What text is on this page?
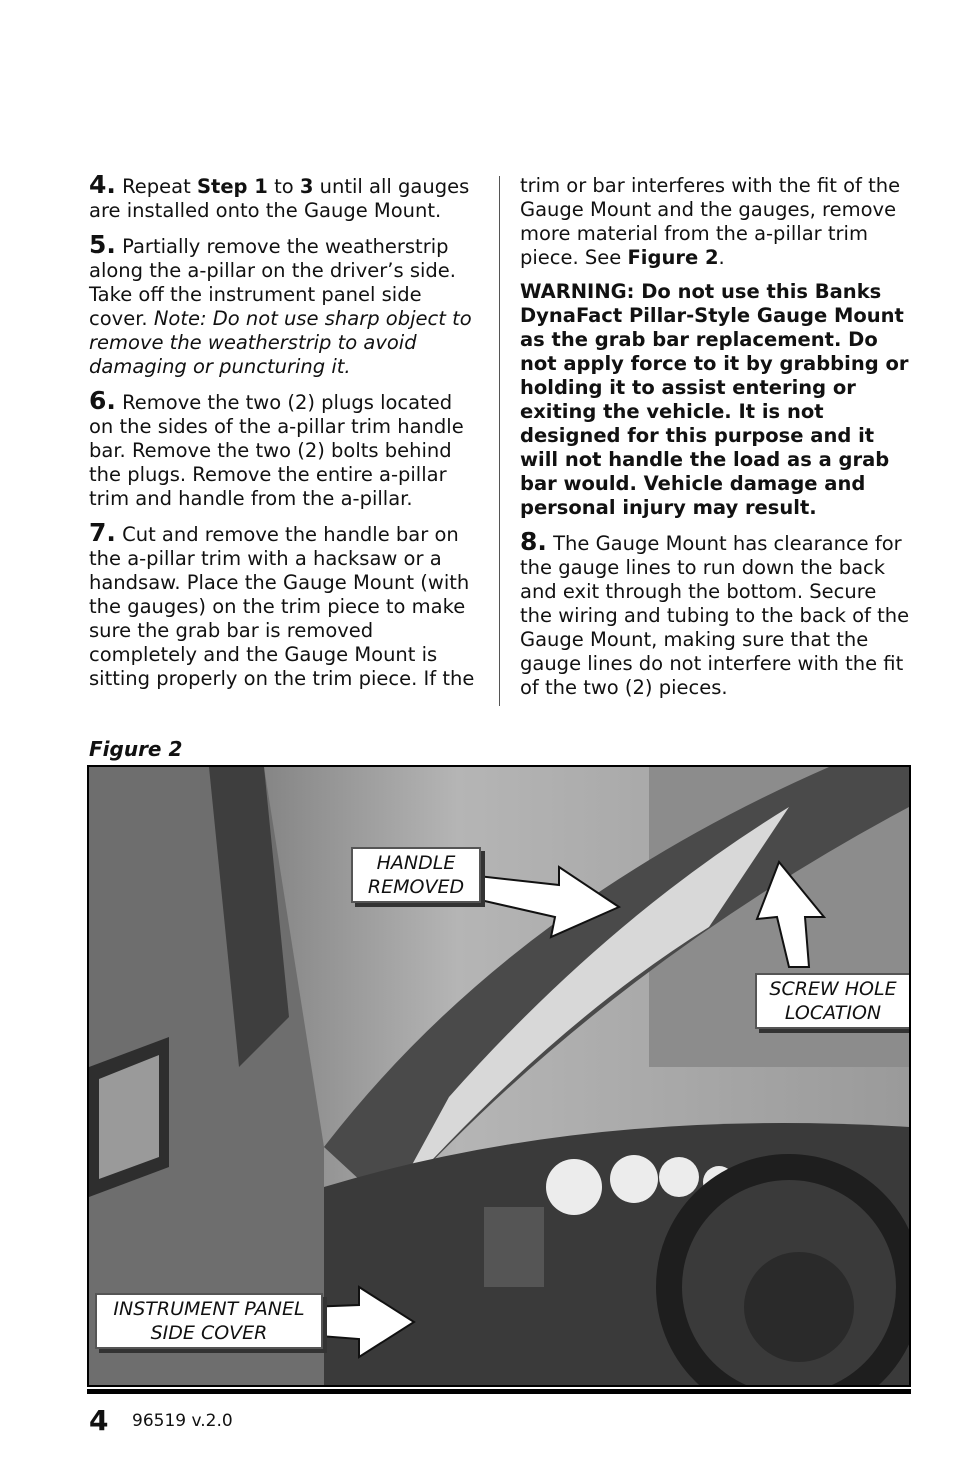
4. Repeat Step 1 to 3 until all gauges are installed onto the Gauge Mount.

5. Partially remove the weatherstrip along the a-pillar on the driver’s side. Take off the instrument panel side cover. Note: Do not use sharp object to remove the weatherstrip to avoid damaging or puncturing it.

6. Remove the two (2) plugs located on the sides of the a-pillar trim handle bar. Remove the two (2) bolts behind the plugs. Remove the entire a-pillar trim and handle from the a-pillar.

7. Cut and remove the handle bar on the a-pillar trim with a hacksaw or a handsaw. Place the Gauge Mount (with the gauges) on the trim piece to make sure the grab bar is removed completely and the Gauge Mount is sitting properly on the trim piece. If the

trim or bar interferes with the fit of the Gauge Mount and the gauges, remove more material from the a-pillar trim piece. See Figure 2.

WARNING: Do not use this Banks DynaFact Pillar-Style Gauge Mount as the grab bar replacement. Do not apply force to it by grabbing or holding it to assist entering or exiting the vehicle. It is not designed for this purpose and it will not handle the load as a grab bar would. Vehicle damage and personal injury may result.

8. The Gauge Mount has clearance for the gauge lines to run down the back and exit through the bottom. Secure the wiring and tubing to the back of the Gauge Mount, making sure that the gauge lines do not interfere with the fit of the two (2) pieces.

Figure 2
HANDLE
REMOVED
SCREW HOLE
LOCATION
INSTRUMENT PANEL
SIDE COVER
4 96519 v.2.0
